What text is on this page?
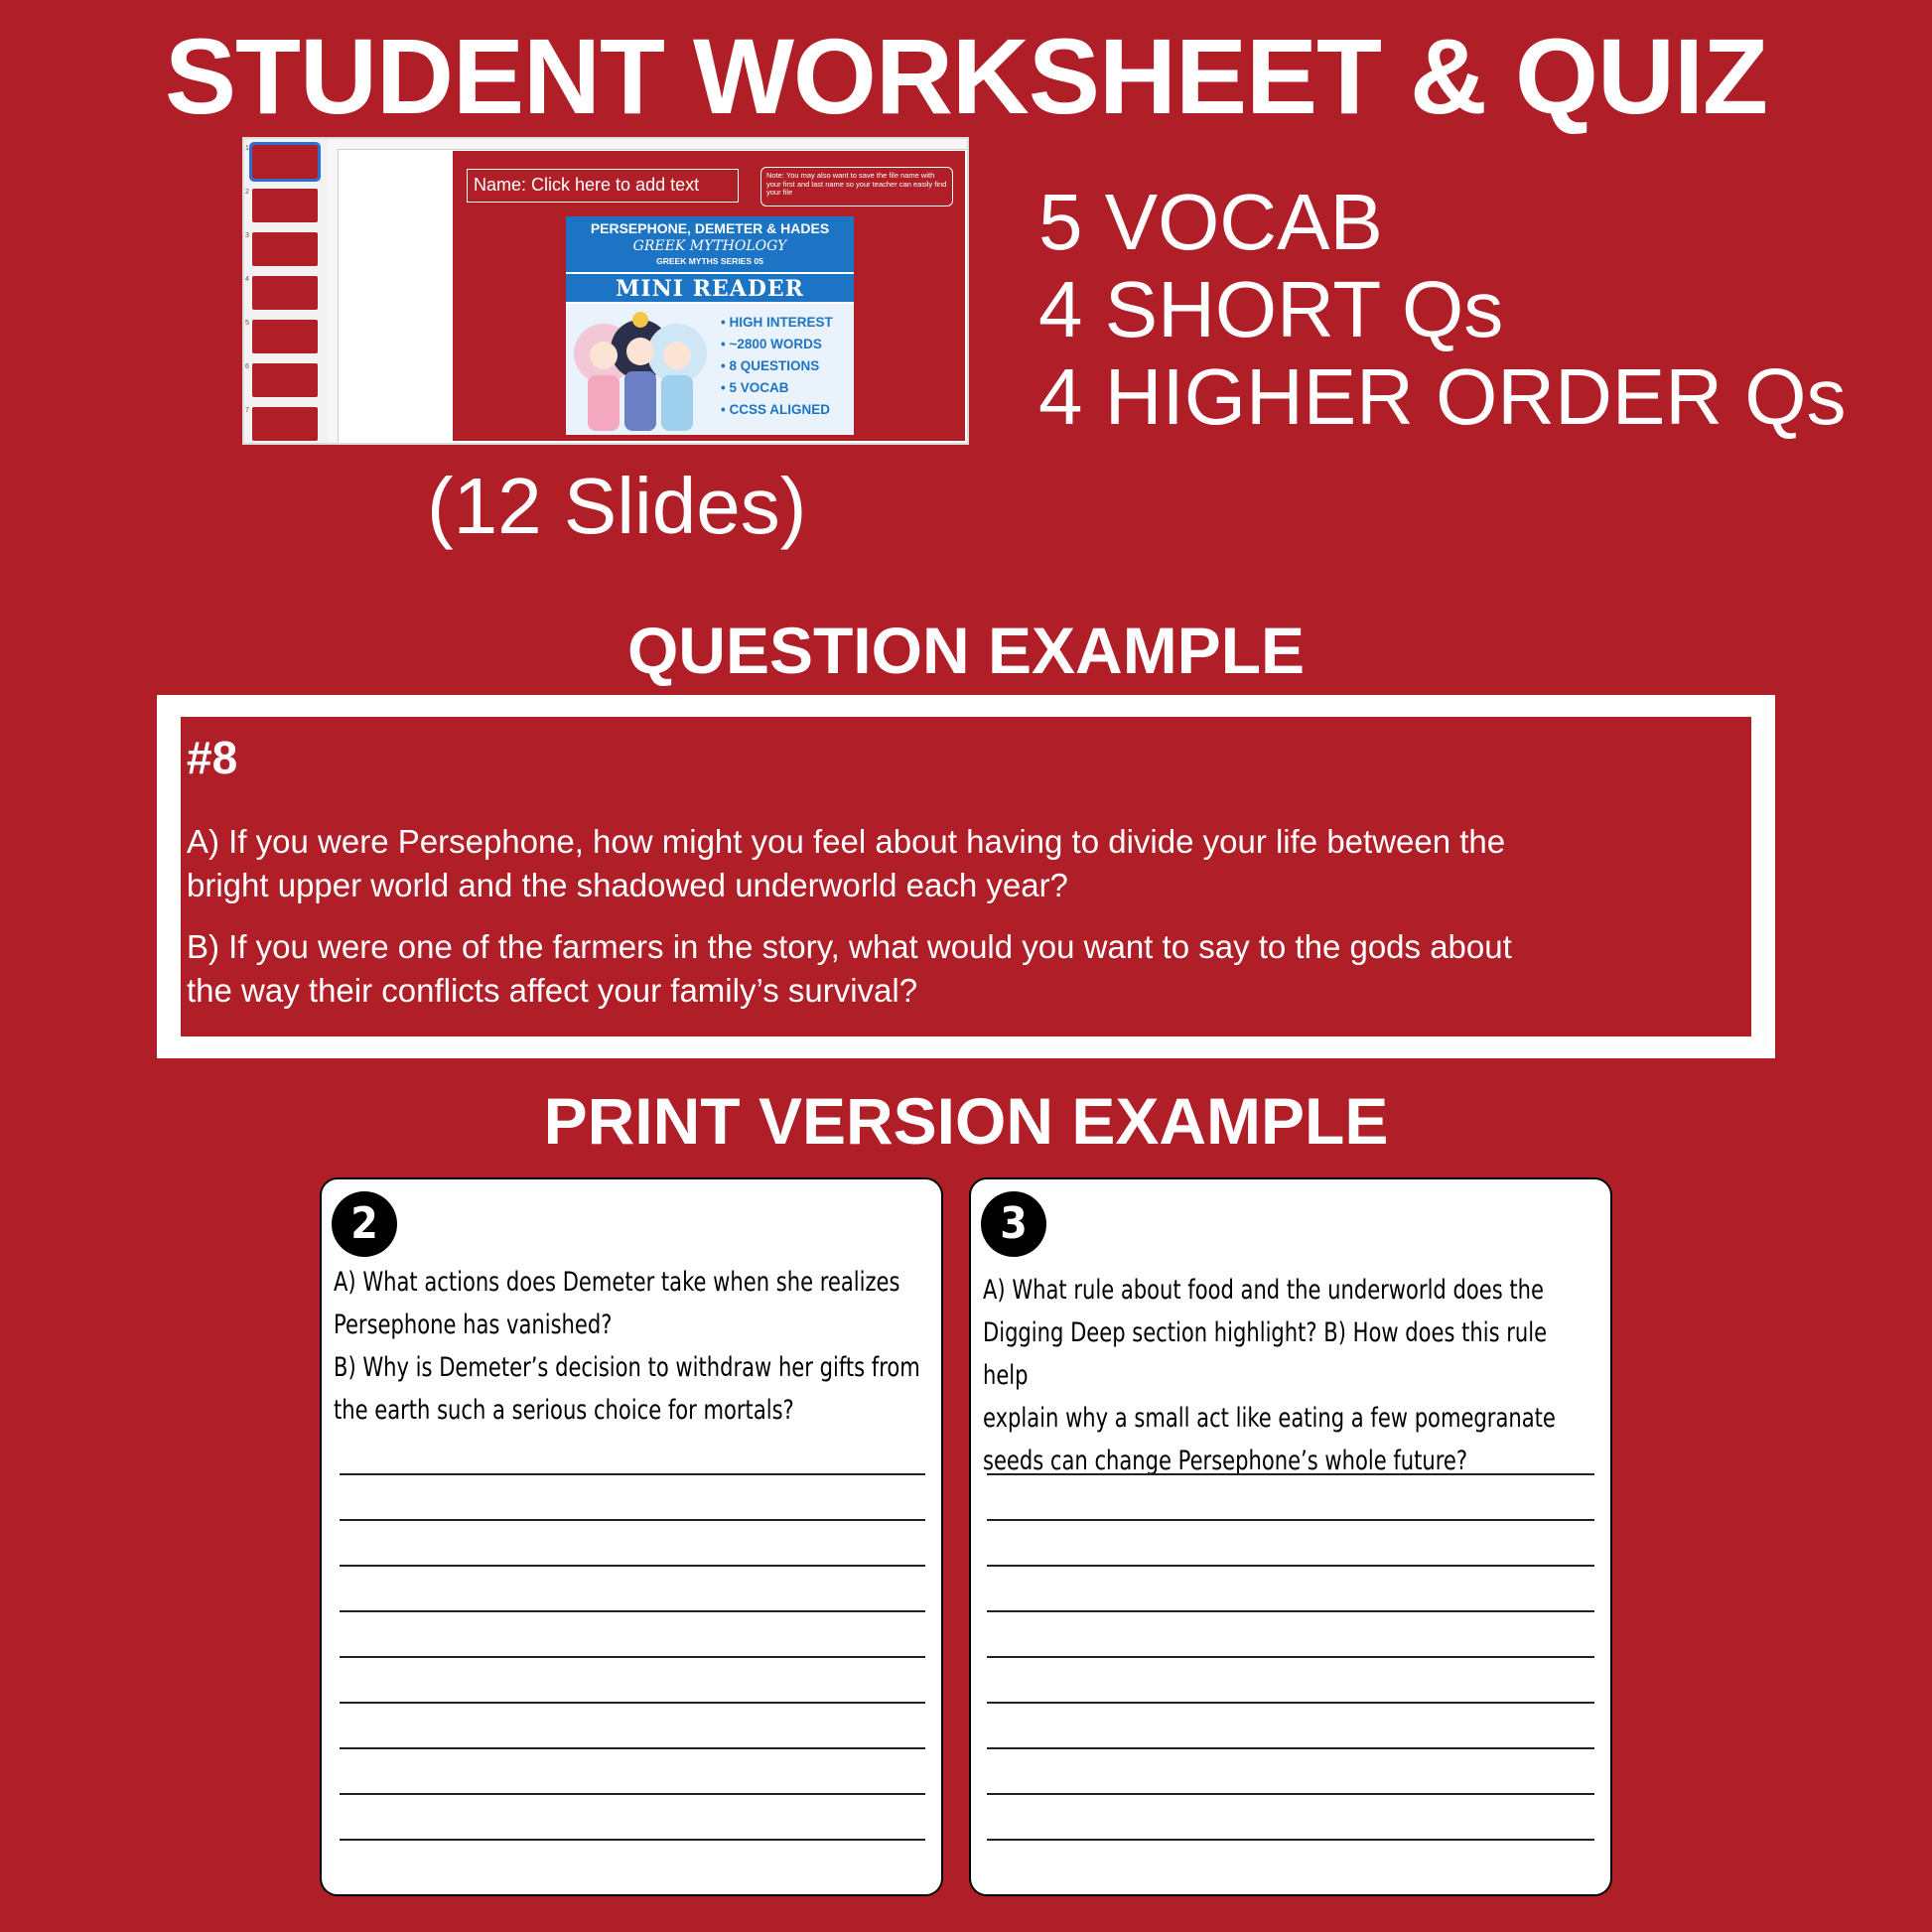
STUDENT WORKSHEET & QUIZ
1
2
3
4
5
6
7
Name: Click here to add text	Note: You may also want to save the file name with your first and last name so your teacher can easily find your file
PERSEPHONE, DEMETER & HADES
GREEK MYTHOLOGY
GREEK MYTHS SERIES 05
MINI READER
• HIGH INTEREST
• ~2800 WORDS
• 8 QUESTIONS
• 5 VOCAB
• CCSS ALIGNED
(12 Slides)
5 VOCAB
4 SHORT Qs
4 HIGHER ORDER Qs
QUESTION EXAMPLE
#8
A) If you were Persephone, how might you feel about having to divide your life between the
bright upper world and the shadowed underworld each year?
B) If you were one of the farmers in the story, what would you want to say to the gods about
the way their conflicts affect your family’s survival?
PRINT VERSION EXAMPLE
2
A) What actions does Demeter take when she realizes
Persephone has vanished?
B) Why is Demeter’s decision to withdraw her gifts from
the earth such a serious choice for mortals?
3
A) What rule about food and the underworld does the
Digging Deep section highlight? B) How does this rule help
explain why a small act like eating a few pomegranate
seeds can change Persephone’s whole future?
